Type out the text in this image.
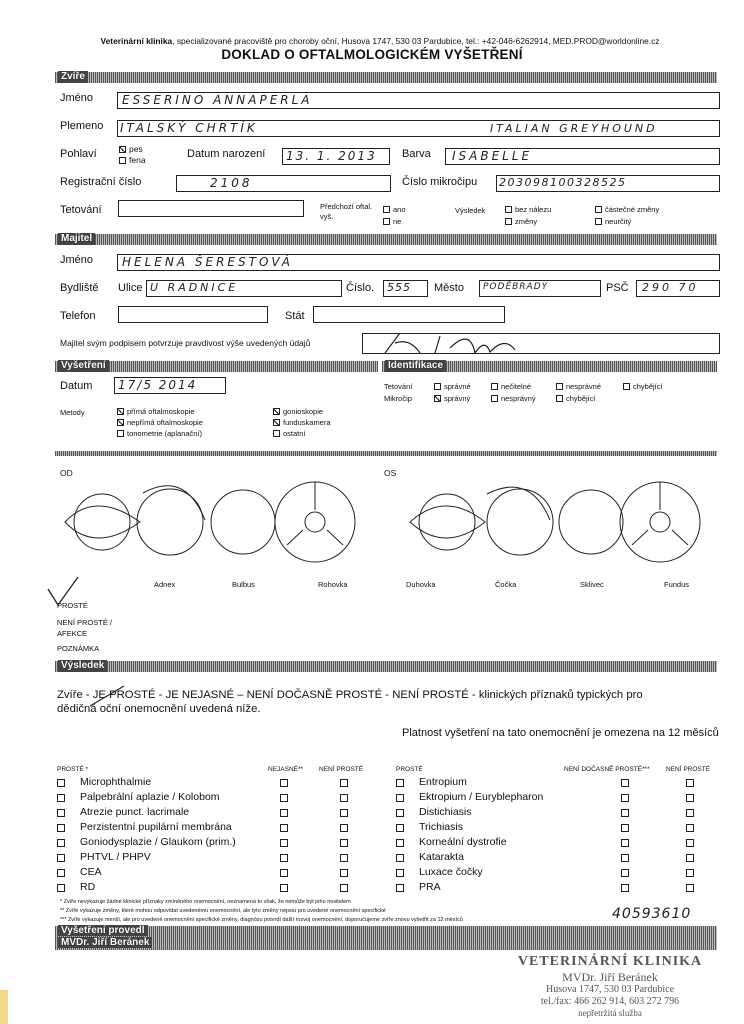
Veterinární klinika, specializované pracoviště pro choroby oční, Husova 1747, 530 03 Pardubice, tel.: +42-046-6262914, MED.PROD@worldonline.cz
DOKLAD O OFTALMOLOGICKÉM VYŠETŘENÍ
Zvíře
Jméno ESSERINO ANNAPERLA
Plemeno ITALSKÝ CHRTÍK	ITALIAN GREYHOUND
Pohlaví	pes
fena	Datum narození 13. 1. 2013 Barva ISABELLE
Registrační číslo	2108	Číslo mikročipu 203098100328525
Tetování	Předchozí oftal. vyš.
ano
ne
Výsledek	bez nálezu
změny
částečné změny
neurčitý
Majitel
Jméno HELENA ŠERESTOVÁ
Bydliště Ulice U RADNICE	Číslo. 555 Město PODĚBRADY	PSČ 290 70
Telefon	Stát
Majitel svým podpisem potvrzuje pravdivost výše uvedených údajů
Vyšetření	Identifikace
Datum 17/5 2014	Tetování
Mikročip
správné	nečitelné	nesprávné	chybějící
správný	nesprávný	chybějící
Metody	přímá oftalmoskopie
nepřímá oftalmoskopie
tonometrie (aplanační)
gonioskopie
funduskamera
ostatní
OD	OS
Adnex	Bulbus	Rohovka	Duhovka	Čočka	Sklivec	Fundus
PROSTÉ
NENÍ PROSTÉ / AFEKCE
POZNÁMKA
Výsledek
Zvíře - JE PROSTÉ - JE NEJASNÉ – NENÍ DOČASNĚ PROSTÉ - NENÍ PROSTÉ - klinických příznaků typických pro
dědičná oční onemocnění uvedená níže.
Platnost vyšetření na tato onemocnění je omezena na 12 měsíců
PROSTÉ *	NEJASNÉ** NENÍ PROSTÉ	PROSTÉ	NENÍ DOČASNĚ PROSTÉ***	NENÍ PROSTÉ
Microphthalmie	Entropium
Palpebrální aplazie / Kolobom	Ektropium / Euryblepharon
Atrezie punct. lacrimale	Distichiasis
Perzistentní pupilární membrána	Trichiasis
Goniodysplazie / Glaukom (prim.)	Korneální dystrofie
PHTVL / PHPV	Katarakta
CEA	Luxace čočky
RD	PRA
* Zvíře nevykazuje žádné klinické příznaky zmíněného onemocnění, neznamená to však, že nemůže být jeho nositelem
** Zvíře vykazuje změny, které mohou odpovídat uvedenému onemocnění, ale tyto změny nejsou pro uvedené onemocnění specifické
*** Zvíře vykazuje menší, ale pro uvedené onemocnění specifické změny, diagnózu potvrdí další rozvoj onemocnění, doporučujeme zvíře znovu vyšetřit za 12 měsíců	40593610
Vyšetření provedl
MVDr. Jiří Beránek
VETERINÁRNÍ KLINIKA
MVDr. Jiří Beránek
Husova 1747, 530 03 Pardubice
tel./fax: 466 262 914, 603 272 796
nepřetržitá služba
